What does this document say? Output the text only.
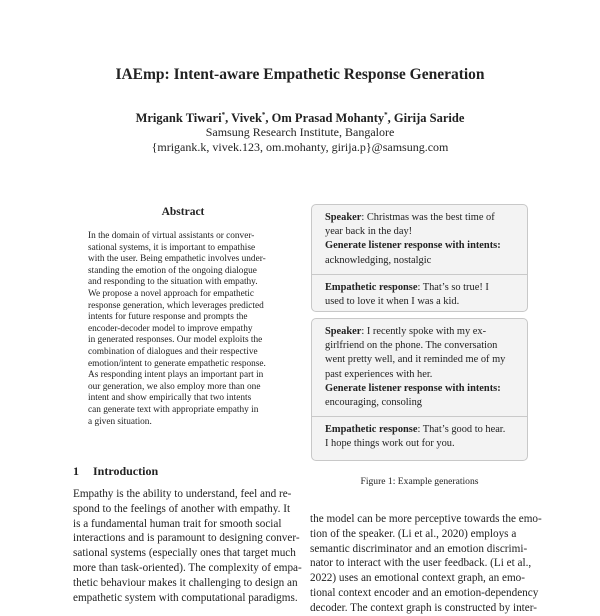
IAEmp: Intent-aware Empathetic Response Generation
Mrigank Tiwari*, Vivek*, Om Prasad Mohanty*, Girija Saride
Samsung Research Institute, Bangalore
{mrigank.k, vivek.123, om.mohanty, girija.p}@samsung.com
Abstract
In the domain of virtual assistants or conver-
sational systems, it is important to empathise
with the user. Being empathetic involves under-
standing the emotion of the ongoing dialogue
and responding to the situation with empathy.
We propose a novel approach for empathetic
response generation, which leverages predicted
intents for future response and prompts the
encoder-decoder model to improve empathy
in generated responses. Our model exploits the
combination of dialogues and their respective
emotion/intent to generate empathetic response.
As responding intent plays an important part in
our generation, we also employ more than one
intent and show empirically that two intents
can generate text with appropriate empathy in
a given situation.
1 Introduction
Empathy is the ability to understand, feel and re-
spond to the feelings of another with empathy. It
is a fundamental human trait for smooth social
interactions and is paramount to designing conver-
sational systems (especially ones that target much
more than task-oriented). The complexity of empa-
thetic behaviour makes it challenging to design an
empathetic system with computational paradigms.
Speaker: Christmas was the best time of
year back in the day!
Generate listener response with intents:
acknowledging, nostalgic
Empathetic response: That’s so true! I
used to love it when I was a kid.
Speaker: I recently spoke with my ex-
girlfriend on the phone. The conversation
went pretty well, and it reminded me of my
past experiences with her.
Generate listener response with intents:
encouraging, consoling
Empathetic response: That’s good to hear.
I hope things work out for you.
Figure 1: Example generations
the model can be more perceptive towards the emo-
tion of the speaker. (Li et al., 2020) employs a
semantic discriminator and an emotion discrimi-
nator to interact with the user feedback. (Li et al.,
2022) uses an emotional context graph, an emo-
tional context encoder and an emotion-dependency
decoder. The context graph is constructed by inter-
